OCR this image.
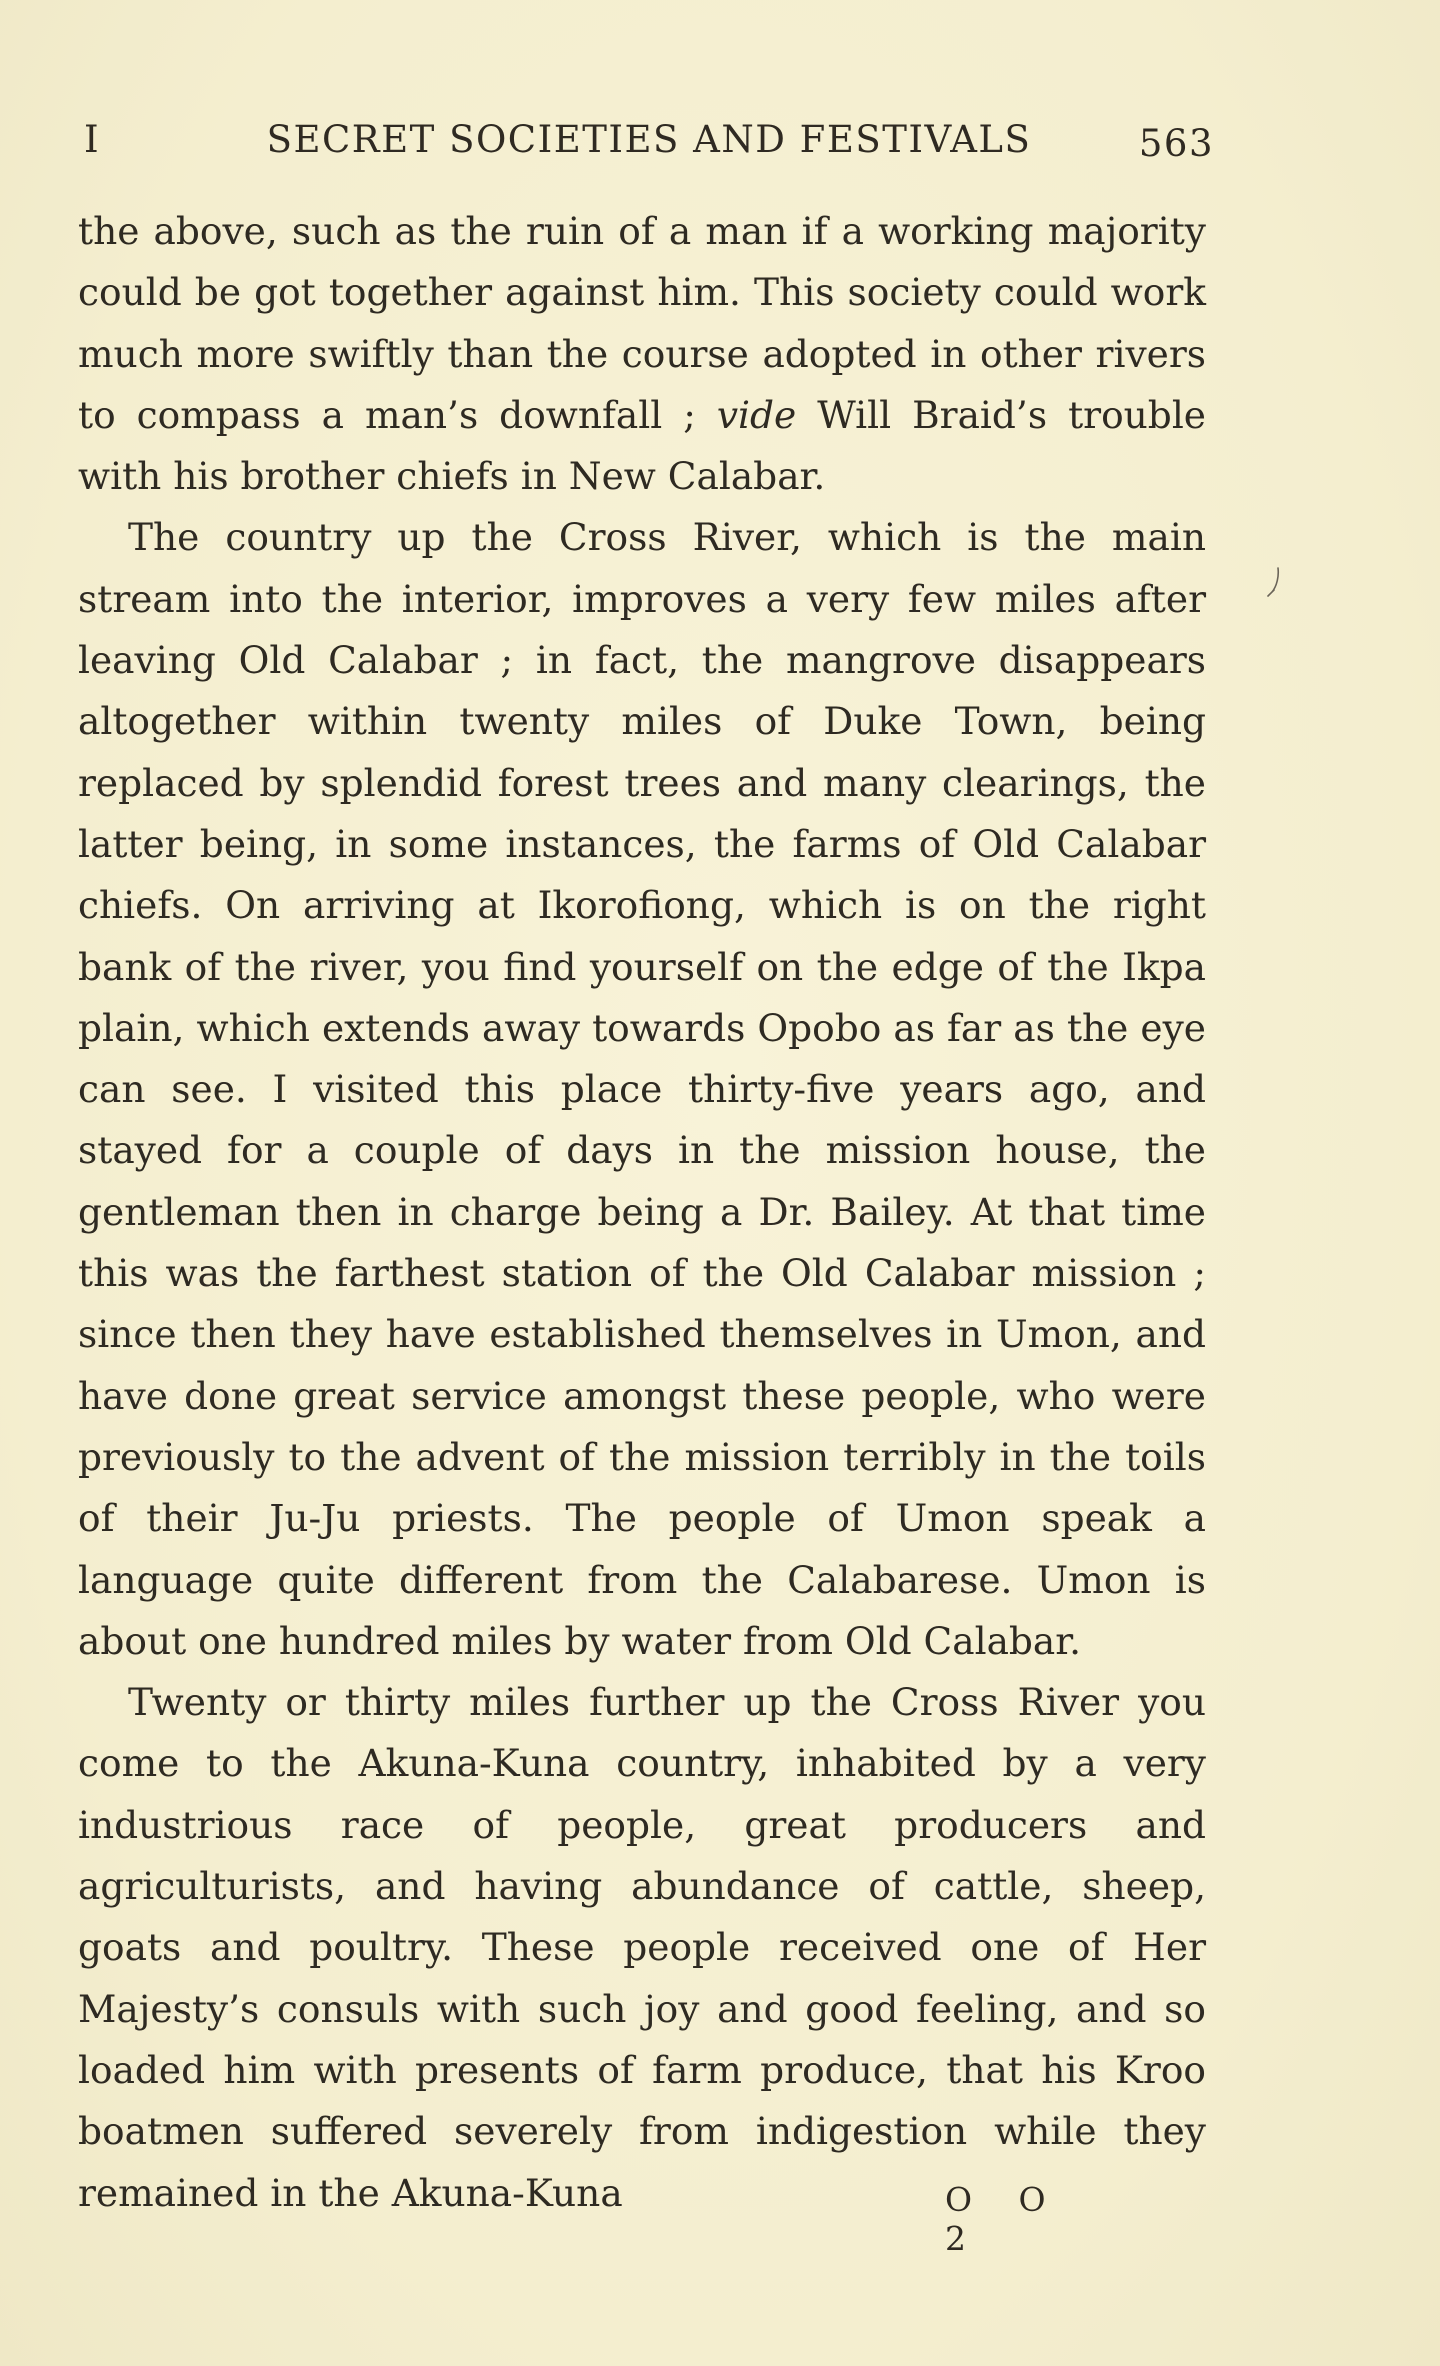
I	SECRET SOCIETIES AND FESTIVALS	563

the above, such as the ruin of a man if a working majority could be got together against him. This society could work much more swiftly than the course adopted in other rivers to compass a man’s downfall ; vide Will Braid’s trouble with his brother chiefs in New Calabar.

The country up the Cross River, which is the main stream into the interior, improves a very few miles after leaving Old Calabar ; in fact, the mangrove disappears altogether within twenty miles of Duke Town, being replaced by splendid forest trees and many clearings, the latter being, in some instances, the farms of Old Calabar chiefs. On arriving at Ikorofiong, which is on the right bank of the river, you find yourself on the edge of the Ikpa plain, which extends away towards Opobo as far as the eye can see. I visited this place thirty-five years ago, and stayed for a couple of days in the mission house, the gentleman then in charge being a Dr. Bailey. At that time this was the farthest station of the Old Calabar mission ; since then they have established themselves in Umon, and have done great service amongst these people, who were previously to the advent of the mission terribly in the toils of their Ju-Ju priests. The people of Umon speak a language quite different from the Calabarese. Umon is about one hundred miles by water from Old Calabar.

Twenty or thirty miles further up the Cross River you come to the Akuna-Kuna country, inhabited by a very industrious race of people, great producers and agriculturists, and having abundance of cattle, sheep, goats and poultry. These people received one of Her Majesty’s consuls with such joy and good feeling, and so loaded him with presents of farm produce, that his Kroo boatmen suffered severely from indigestion while they remained in the Akuna-Kuna	O O 2
